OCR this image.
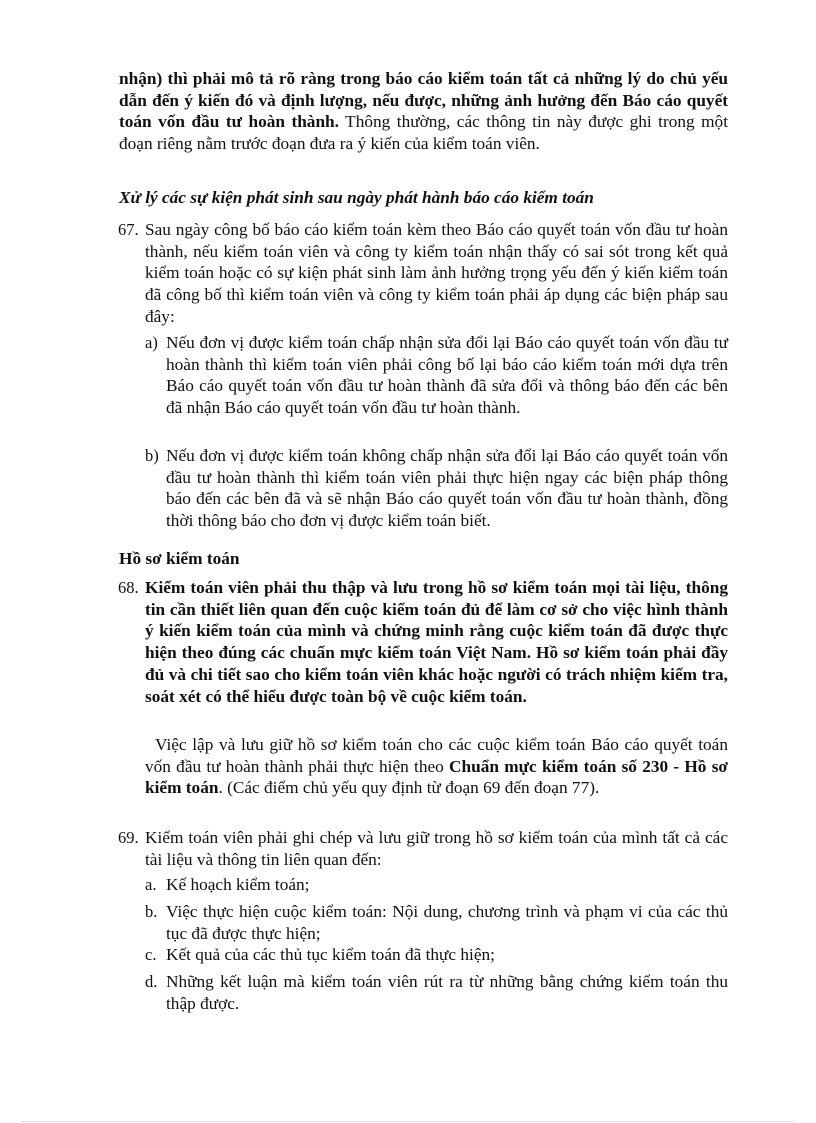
nhận) thì phải mô tả rõ ràng trong báo cáo kiểm toán tất cả những lý do chủ yếu dẫn đến ý kiến đó và định lượng, nếu được, những ảnh hưởng đến Báo cáo quyết toán vốn đầu tư hoàn thành. Thông thường, các thông tin này được ghi trong một đoạn riêng nằm trước đoạn đưa ra ý kiến của kiểm toán viên.
Xử lý các sự kiện phát sinh sau ngày phát hành báo cáo kiểm toán
67. Sau ngày công bố báo cáo kiểm toán kèm theo Báo cáo quyết toán vốn đầu tư hoàn thành, nếu kiểm toán viên và công ty kiểm toán nhận thấy có sai sót trong kết quả kiểm toán hoặc có sự kiện phát sinh làm ảnh hưởng trọng yếu đến ý kiến kiểm toán đã công bố thì kiểm toán viên và công ty kiểm toán phải áp dụng các biện pháp sau đây:
a) Nếu đơn vị được kiểm toán chấp nhận sửa đổi lại Báo cáo quyết toán vốn đầu tư hoàn thành thì kiểm toán viên phải công bố lại báo cáo kiểm toán mới dựa trên Báo cáo quyết toán vốn đầu tư hoàn thành đã sửa đổi và thông báo đến các bên đã nhận Báo cáo quyết toán vốn đầu tư hoàn thành.
b) Nếu đơn vị được kiểm toán không chấp nhận sửa đổi lại Báo cáo quyết toán vốn đầu tư hoàn thành thì kiểm toán viên phải thực hiện ngay các biện pháp thông báo đến các bên đã và sẽ nhận Báo cáo quyết toán vốn đầu tư hoàn thành, đồng thời thông báo cho đơn vị được kiểm toán biết.
Hồ sơ kiểm toán
68. Kiểm toán viên phải thu thập và lưu trong hồ sơ kiểm toán mọi tài liệu, thông tin cần thiết liên quan đến cuộc kiểm toán đủ để làm cơ sở cho việc hình thành ý kiến kiểm toán của mình và chứng minh rằng cuộc kiểm toán đã được thực hiện theo đúng các chuẩn mực kiểm toán Việt Nam. Hồ sơ kiểm toán phải đầy đủ và chi tiết sao cho kiểm toán viên khác hoặc người có trách nhiệm kiểm tra, soát xét có thể hiểu được toàn bộ về cuộc kiểm toán.
Việc lập và lưu giữ hồ sơ kiểm toán cho các cuộc kiểm toán Báo cáo quyết toán vốn đầu tư hoàn thành phải thực hiện theo Chuẩn mực kiểm toán số 230 - Hồ sơ kiểm toán. (Các điểm chủ yếu quy định từ đoạn 69 đến đoạn 77).
69. Kiểm toán viên phải ghi chép và lưu giữ trong hồ sơ kiểm toán của mình tất cả các tài liệu và thông tin liên quan đến:
a. Kế hoạch kiểm toán;
b. Việc thực hiện cuộc kiểm toán: Nội dung, chương trình và phạm vi của các thủ tục đã được thực hiện;
c. Kết quả của các thủ tục kiểm toán đã thực hiện;
d. Những kết luận mà kiểm toán viên rút ra từ những bằng chứng kiểm toán thu thập được.
